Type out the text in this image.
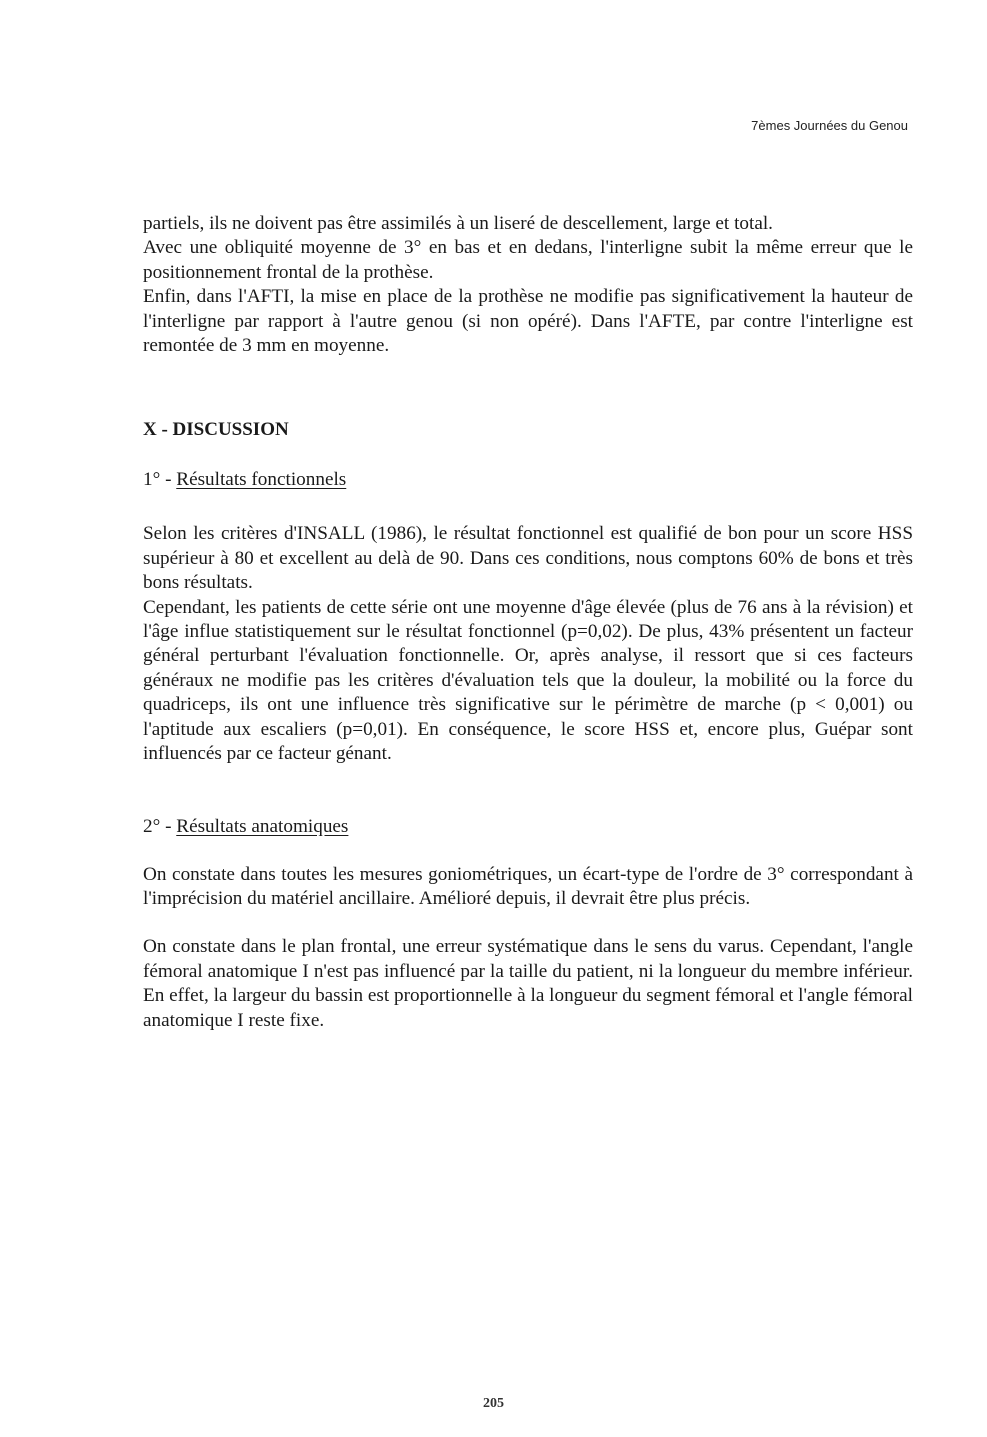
7èmes Journées du Genou

partiels, ils ne doivent pas être assimilés à un liseré de descellement, large et total.

Avec une obliquité moyenne de 3° en bas et en dedans, l'interligne subit la même erreur que le positionnement frontal de la prothèse.

Enfin, dans l'AFTI, la mise en place de la prothèse ne modifie pas significativement la hauteur de l'interligne par rapport à l'autre genou (si non opéré). Dans l'AFTE, par contre l'interligne est remontée de 3 mm en moyenne.

X - DISCUSSION
1° - Résultats fonctionnels

Selon les critères d'INSALL (1986), le résultat fonctionnel est qualifié de bon pour un score HSS supérieur à 80 et excellent au delà de 90. Dans ces conditions, nous comptons 60% de bons et très bons résultats.

Cependant, les patients de cette série ont une moyenne d'âge élevée (plus de 76 ans à la révision) et l'âge influe statistiquement sur le résultat fonctionnel (p=0,02). De plus, 43% présentent un facteur général perturbant l'évaluation fonctionnelle. Or, après analyse, il ressort que si ces facteurs généraux ne modifie pas les critères d'évaluation tels que la douleur, la mobilité ou la force du quadriceps, ils ont une influence très significative sur le périmètre de marche (p < 0,001) ou l'aptitude aux escaliers (p=0,01). En conséquence, le score HSS et, encore plus, Guépar sont influencés par ce facteur génant.

2° - Résultats anatomiques

On constate dans toutes les mesures goniométriques, un écart-type de l'ordre de 3° correspondant à l'imprécision du matériel ancillaire. Amélioré depuis, il devrait être plus précis.

On constate dans le plan frontal, une erreur systématique dans le sens du varus. Cependant, l'angle fémoral anatomique I n'est pas influencé par la taille du patient, ni la longueur du membre inférieur. En effet, la largeur du bassin est proportionnelle à la longueur du segment fémoral et l'angle fémoral anatomique I reste fixe.

205
